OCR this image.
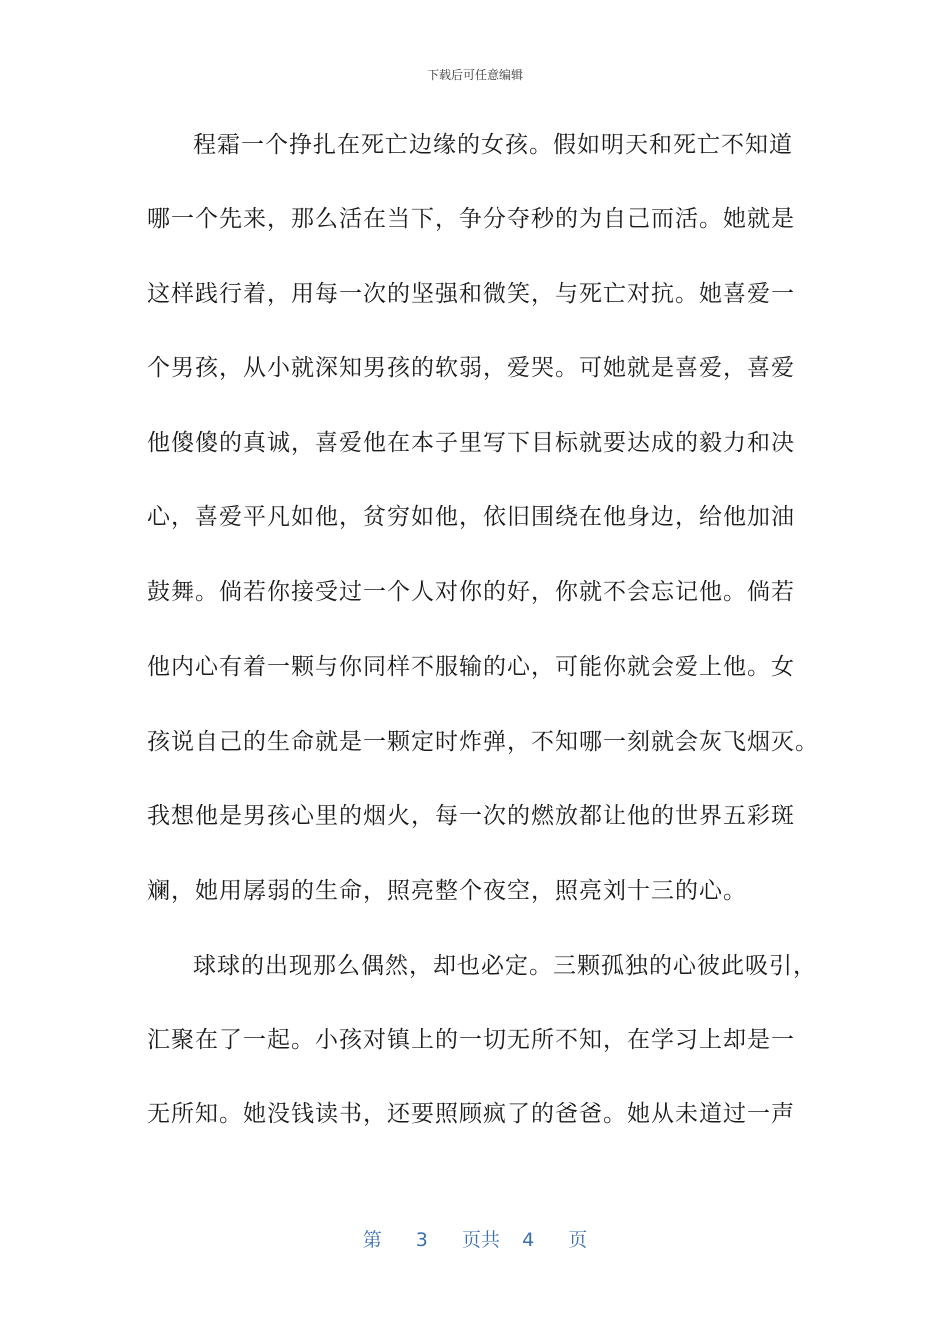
下载后可任意编辑
程霜一个挣扎在死亡边缘的女孩。假如明天和死亡不知道
哪一个先来，那么活在当下，争分夺秒的为自己而活。她就是
这样践行着，用每一次的坚强和微笑，与死亡对抗。她喜爱一
个男孩，从小就深知男孩的软弱，爱哭。可她就是喜爱，喜爱
他傻傻的真诚，喜爱他在本子里写下目标就要达成的毅力和决
心，喜爱平凡如他，贫穷如他，依旧围绕在他身边，给他加油
鼓舞。倘若你接受过一个人对你的好，你就不会忘记他。倘若
他内心有着一颗与你同样不服输的心，可能你就会爱上他。女
孩说自己的生命就是一颗定时炸弹，不知哪一刻就会灰飞烟灭。
我想他是男孩心里的烟火，每一次的燃放都让他的世界五彩斑
斓，她用孱弱的生命，照亮整个夜空，照亮刘十三的心。
球球的出现那么偶然，却也必定。三颗孤独的心彼此吸引，
汇聚在了一起。小孩对镇上的一切无所不知，在学习上却是一
无所知。她没钱读书，还要照顾疯了的爸爸。她从未道过一声
第 3 页共 4 页
